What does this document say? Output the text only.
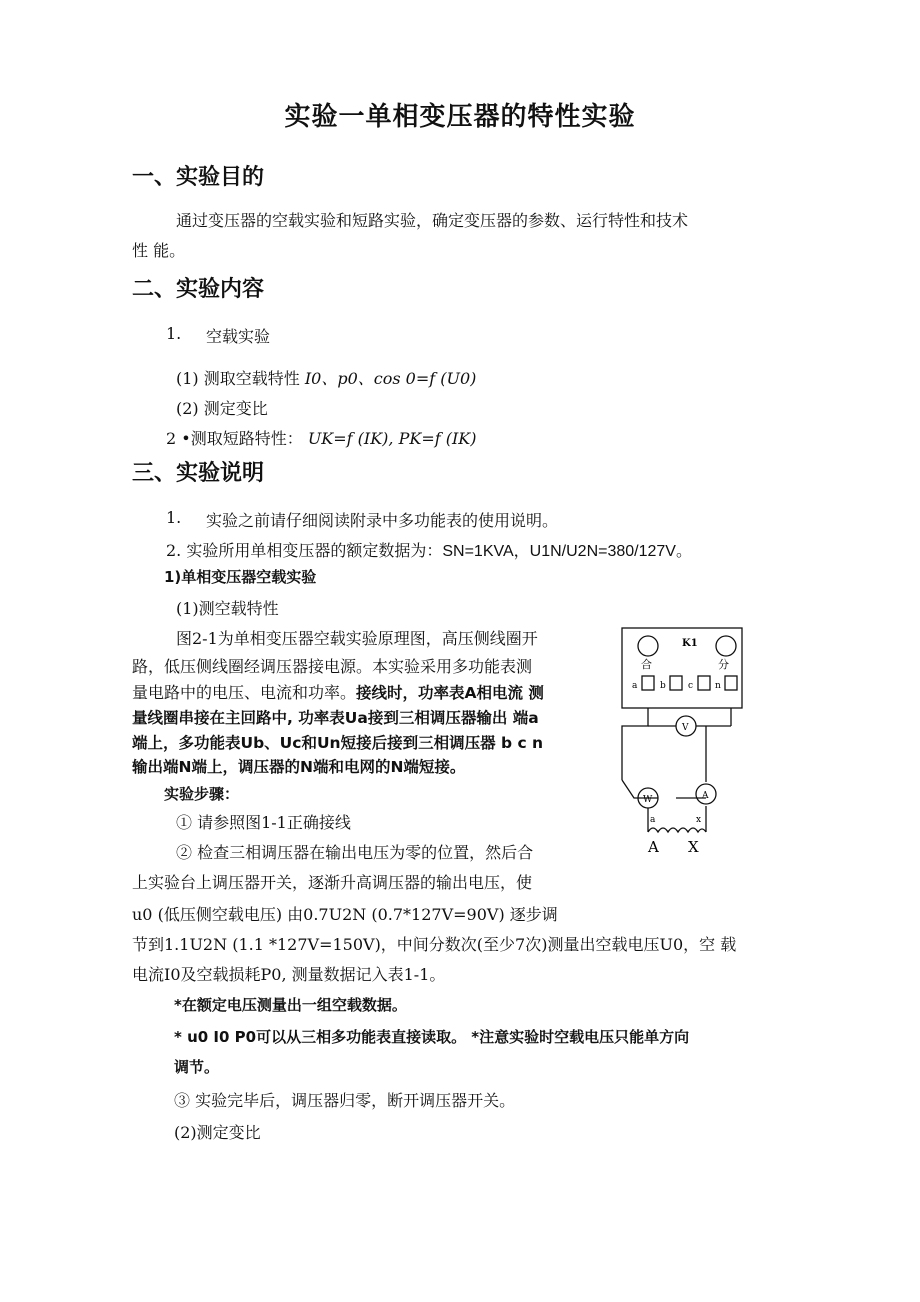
实验一单相变压器的特性实验
一、实验目的
通过变压器的空载实验和短路实验，确定变压器的参数、运行特性和技术
性 能。
二、实验内容
1. 空载实验
(1) 测取空载特性 I0、p0、cos 0=f (U0)
(2) 测定变比
2 •测取短路特性： UK=f (IK), PK=f (IK)
三、实验说明
1. 实验之前请仔细阅读附录中多功能表的使用说明。
2. 实验所用单相变压器的额定数据为：SN=1KVA，U1N/U2N=380/127V。
1)单相变压器空载实验
(1)测空载特性
图2-1为单相变压器空载实验原理图，高压侧线圈开
路，低压侧线圈经调压器接电源。本实验采用多功能表测
量电路中的电压、电流和功率。接线时，功率表A相电流 测
量线圈串接在主回路中, 功率表Ua接到三相调压器输出 端a
端上，多功能表Ub、Uc和Un短接后接到三相调压器 b c n
输出端N端上，调压器的N端和电网的N端短接。
实验步骤：
① 请参照图1-1正确接线
② 检查三相调压器在输出电压为零的位置，然后合
上实验台上调压器开关，逐渐升高调压器的输出电压，使
u0 (低压侧空载电压) 由0.7U2N (0.7*127V=90V) 逐步调
节到1.1U2N (1.1 *127V=150V)，中间分数次(至少7次)测量出空载电压U0，空 载
电流I0及空载损耗P0, 测量数据记入表1-1。
*在额定电压测量出一组空载数据。
* u0 I0 P0可以从三相多功能表直接读取。 *注意实验时空载电压只能单方向
调节。
③ 实验完毕后，调压器归零，断开调压器开关。
(2)测定变比
K1
合	分
a	b c n
V
W	A
a	x
A X
